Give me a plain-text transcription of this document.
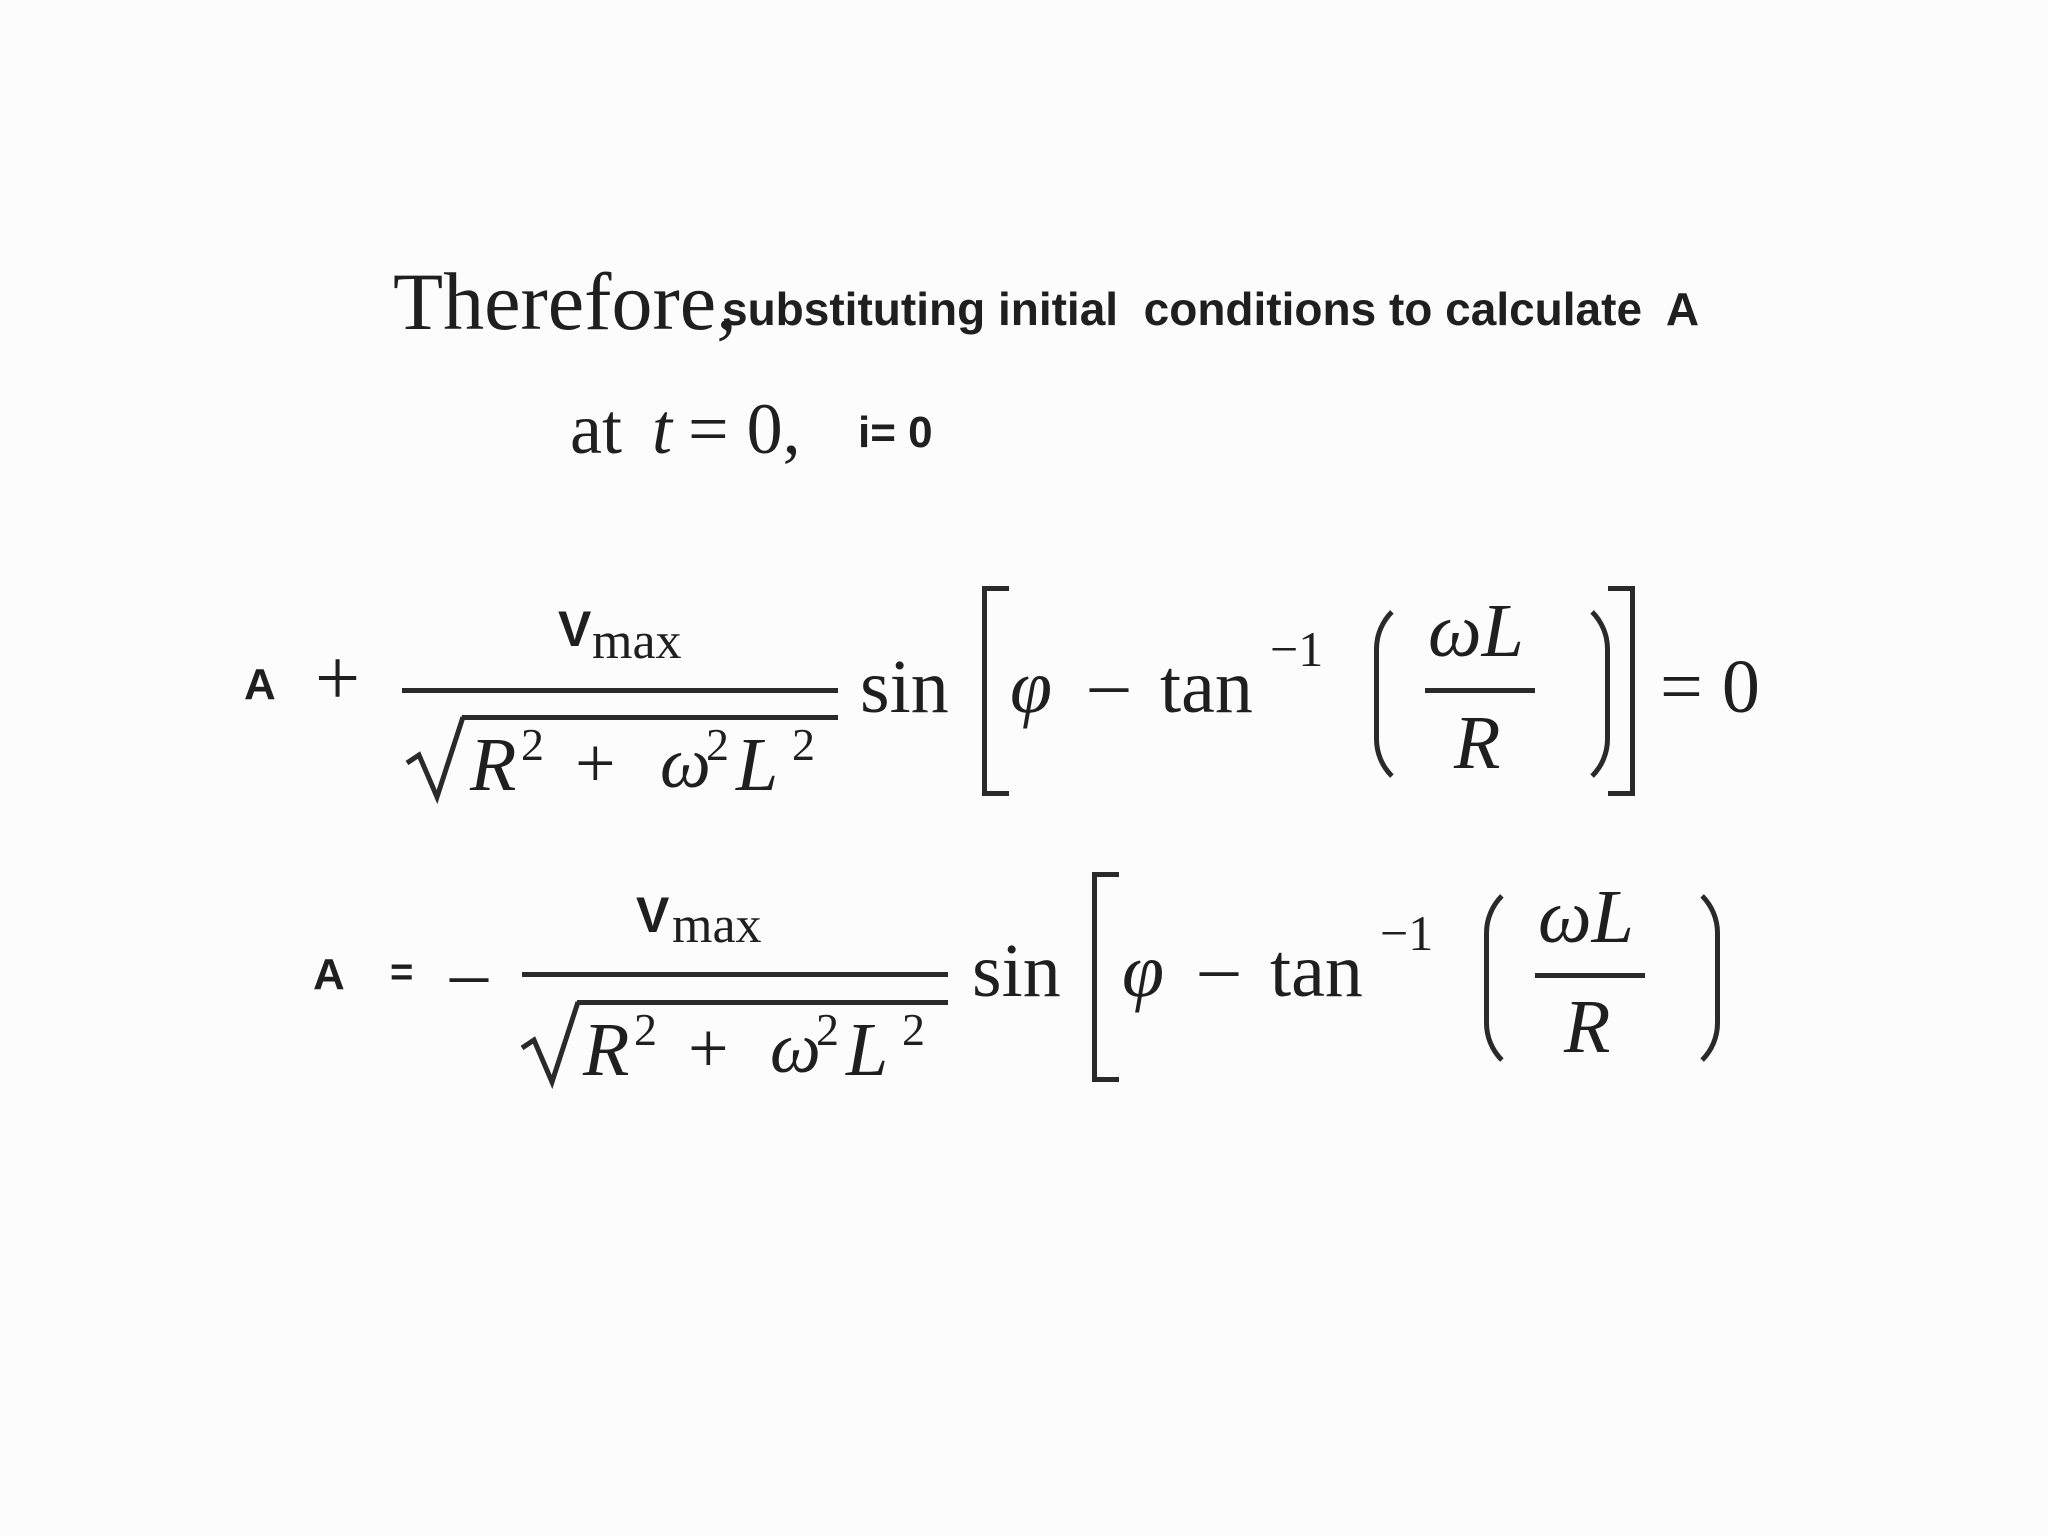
Therefore,
substituting initial  conditions to calculate  A
at t = 0, i= 0
A +
V max
R 2 + ω
2 L 2
sin φ – tan −1 ωL
R
= 0
A = –
V max
R 2 + ω
2 L 2
sin φ – tan −1 ωL
R
